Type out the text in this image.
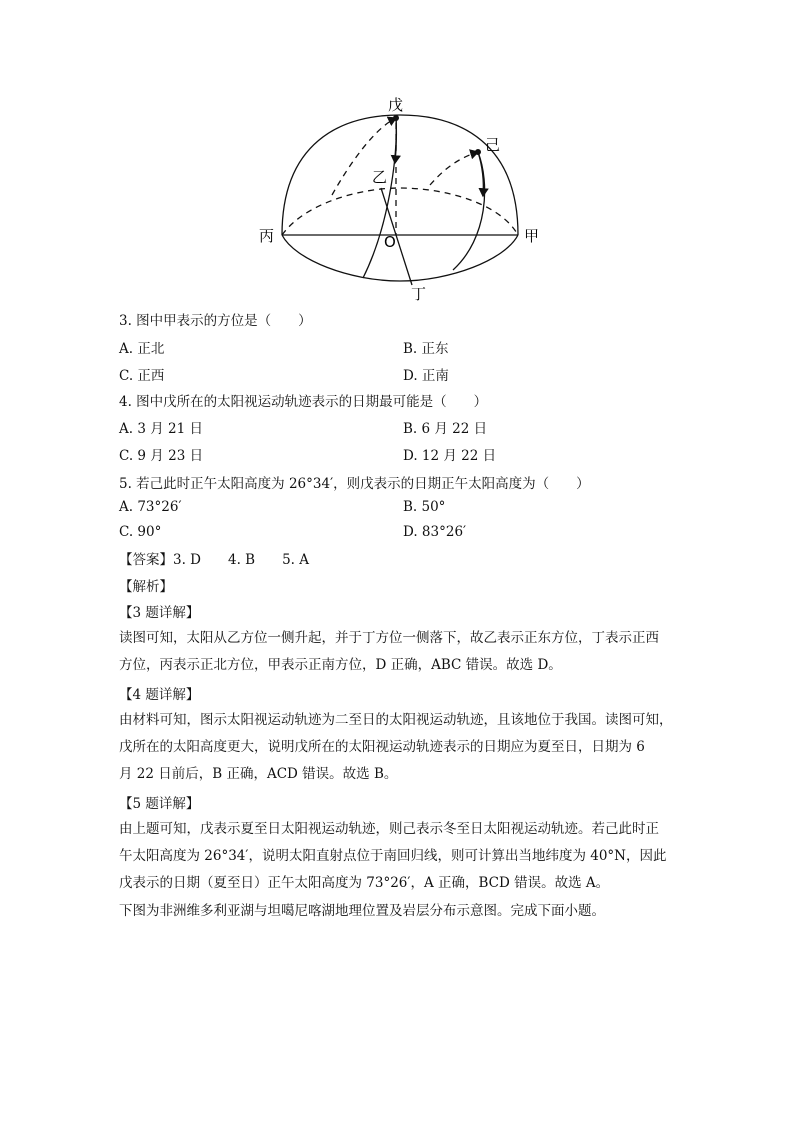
戊
己
乙
丙	甲
O
丁
3. 图中甲表示的方位是（　　）
A. 正北	B. 正东
C. 正西	D. 正南
4. 图中戊所在的太阳视运动轨迹表示的日期最可能是（　　）
A. 3 月 21 日	B. 6 月 22 日
C. 9 月 23 日	D. 12 月 22 日
5. 若己此时正午太阳高度为 26°34′，则戊表示的日期正午太阳高度为（　　）
A. 73°26′	B. 50°
C. 90°	D. 83°26′
【答案】3. D　　4. B　　5. A
【解析】
【3 题详解】
读图可知，太阳从乙方位一侧升起，并于丁方位一侧落下，故乙表示正东方位，丁表示正西
方位，丙表示正北方位，甲表示正南方位，D 正确，ABC 错误。故选 D。
【4 题详解】
由材料可知，图示太阳视运动轨迹为二至日的太阳视运动轨迹，且该地位于我国。读图可知，
戊所在的太阳高度更大，说明戊所在的太阳视运动轨迹表示的日期应为夏至日，日期为 6
月 22 日前后，B 正确，ACD 错误。故选 B。
【5 题详解】
由上题可知，戊表示夏至日太阳视运动轨迹，则己表示冬至日太阳视运动轨迹。若己此时正
午太阳高度为 26°34′，说明太阳直射点位于南回归线，则可计算出当地纬度为 40°N，因此
戊表示的日期（夏至日）正午太阳高度为 73°26′，A 正确，BCD 错误。故选 A。
下图为非洲维多利亚湖与坦噶尼喀湖地理位置及岩层分布示意图。完成下面小题。
